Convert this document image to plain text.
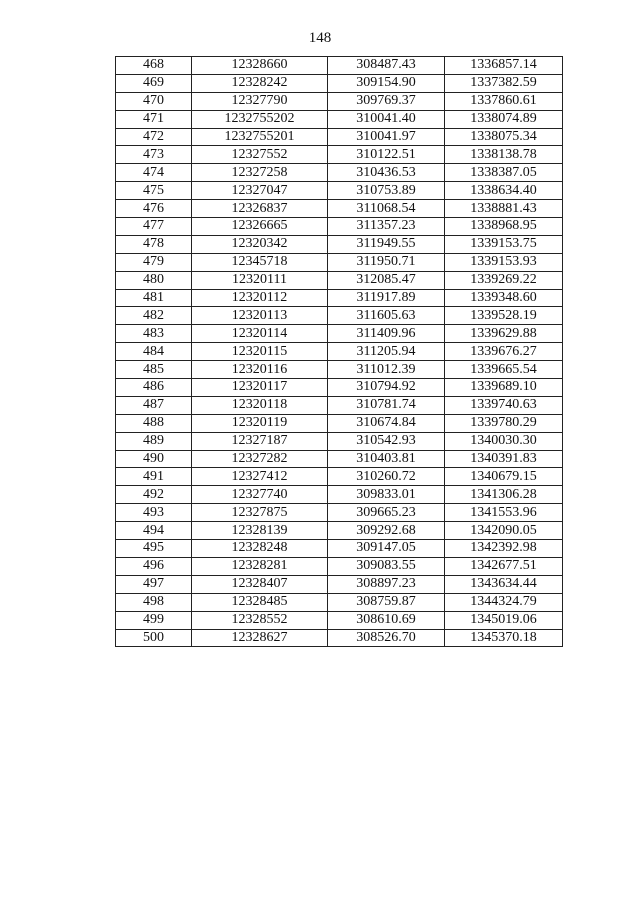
148
468	12328660	308487.43	1336857.14
469	12328242	309154.90	1337382.59
470	12327790	309769.37	1337860.61
471	1232755202	310041.40	1338074.89
472	1232755201	310041.97	1338075.34
473	12327552	310122.51	1338138.78
474	12327258	310436.53	1338387.05
475	12327047	310753.89	1338634.40
476	12326837	311068.54	1338881.43
477	12326665	311357.23	1338968.95
478	12320342	311949.55	1339153.75
479	12345718	311950.71	1339153.93
480	12320111	312085.47	1339269.22
481	12320112	311917.89	1339348.60
482	12320113	311605.63	1339528.19
483	12320114	311409.96	1339629.88
484	12320115	311205.94	1339676.27
485	12320116	311012.39	1339665.54
486	12320117	310794.92	1339689.10
487	12320118	310781.74	1339740.63
488	12320119	310674.84	1339780.29
489	12327187	310542.93	1340030.30
490	12327282	310403.81	1340391.83
491	12327412	310260.72	1340679.15
492	12327740	309833.01	1341306.28
493	12327875	309665.23	1341553.96
494	12328139	309292.68	1342090.05
495	12328248	309147.05	1342392.98
496	12328281	309083.55	1342677.51
497	12328407	308897.23	1343634.44
498	12328485	308759.87	1344324.79
499	12328552	308610.69	1345019.06
500	12328627	308526.70	1345370.18
